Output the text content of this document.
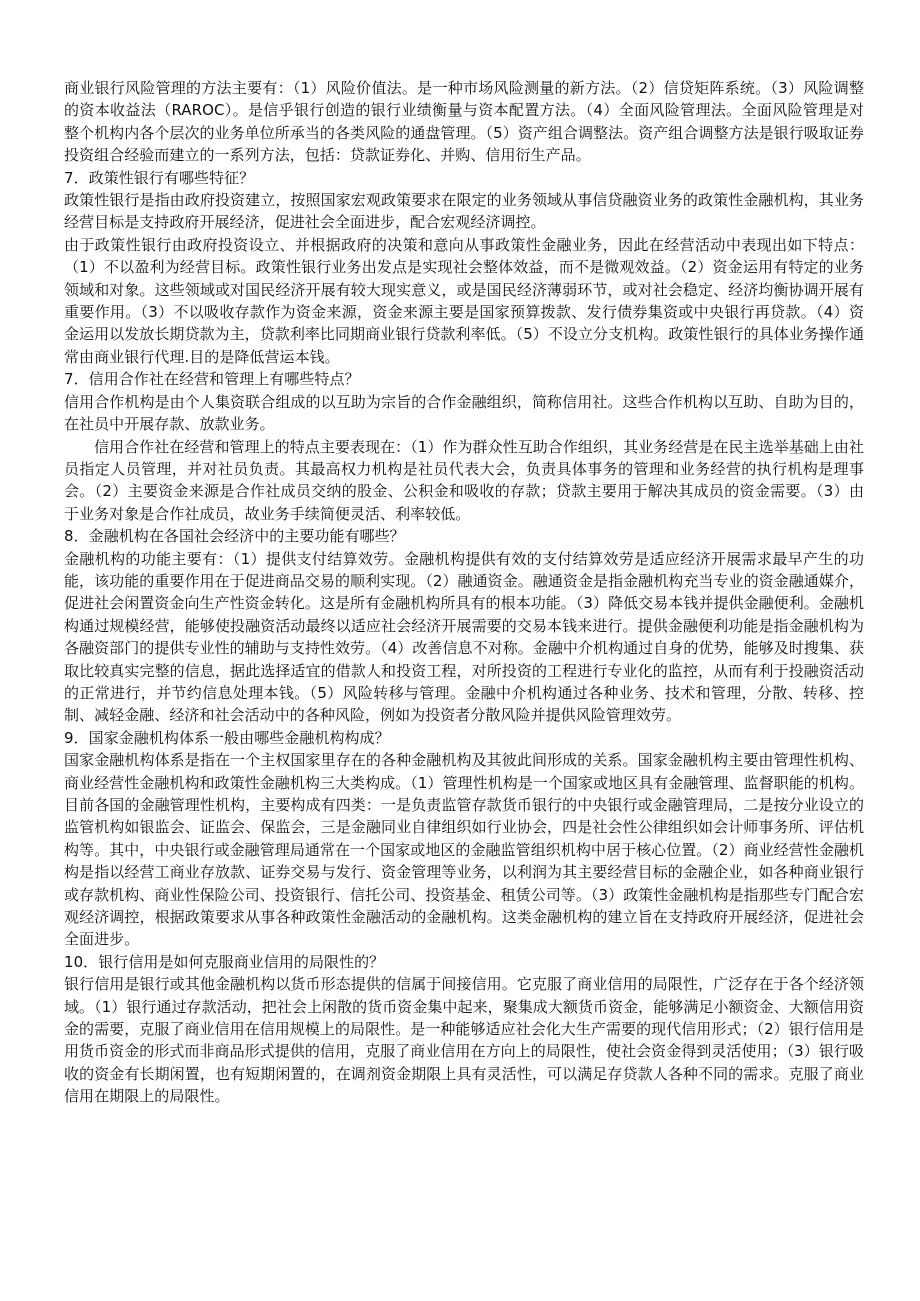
商业银行风险管理的方法主要有：（1）风险价值法。是一种市场风险测量的新方法。（2）信贷矩阵系统。（3）风险调整的资本收益法（RAROC）。是信乎银行创造的银行业绩衡量与资本配置方法。（4）全面风险管理法。全面风险管理是对整个机构内各个层次的业务单位所承当的各类风险的通盘管理。（5）资产组合调整法。资产组合调整方法是银行吸取证券投资组合经验而建立的一系列方法，包括：贷款证券化、并购、信用衍生产品。

7．政策性银行有哪些特征？

政策性银行是指由政府投资建立，按照国家宏观政策要求在限定的业务领域从事信贷融资业务的政策性金融机构，其业务经营目标是支持政府开展经济，促进社会全面进步，配合宏观经济调控。

由于政策性银行由政府投资设立、并根据政府的决策和意向从事政策性金融业务，因此在经营活动中表现出如下特点：（1）不以盈利为经营目标。政策性银行业务出发点是实现社会整体效益，而不是微观效益。（2）资金运用有特定的业务领域和对象。这些领域或对国民经济开展有较大现实意义，或是国民经济薄弱环节，或对社会稳定、经济均衡协调开展有重要作用。（3）不以吸收存款作为资金来源，资金来源主要是国家预算拨款、发行债券集资或中央银行再贷款。（4）资金运用以发放长期贷款为主，贷款利率比同期商业银行贷款利率低。（5）不设立分支机构。政策性银行的具体业务操作通常由商业银行代理.目的是降低营运本钱。

7．信用合作社在经营和管理上有哪些特点？

信用合作机构是由个人集资联合组成的以互助为宗旨的合作金融组织，简称信用社。这些合作机构以互助、自助为目的，在社员中开展存款、放款业务。

信用合作社在经营和管理上的特点主要表现在：（1）作为群众性互助合作组织，其业务经营是在民主选举基础上由社员指定人员管理，并对社员负责。其最高权力机构是社员代表大会，负责具体事务的管理和业务经营的执行机构是理事会。（2）主要资金来源是合作社成员交纳的股金、公积金和吸收的存款；贷款主要用于解决其成员的资金需要。（3）由于业务对象是合作社成员，故业务手续简便灵活、利率较低。

8．金融机构在各国社会经济中的主要功能有哪些？

金融机构的功能主要有：（1）提供支付结算效劳。金融机构提供有效的支付结算效劳是适应经济开展需求最早产生的功能，该功能的重要作用在于促进商品交易的顺利实现。（2）融通资金。融通资金是指金融机构充当专业的资金融通媒介，促进社会闲置资金向生产性资金转化。这是所有金融机构所具有的根本功能。（3）降低交易本钱并提供金融便利。金融机构通过规模经营，能够使投融资活动最终以适应社会经济开展需要的交易本钱来进行。提供金融便利功能是指金融机构为各融资部门的提供专业性的辅助与支持性效劳。（4）改善信息不对称。金融中介机构通过自身的优势，能够及时搜集、获取比较真实完整的信息，据此选择适宜的借款人和投资工程，对所投资的工程进行专业化的监控，从而有利于投融资活动的正常进行，并节约信息处理本钱。（5）风险转移与管理。金融中介机构通过各种业务、技术和管理，分散、转移、控制、减轻金融、经济和社会活动中的各种风险，例如为投资者分散风险并提供风险管理效劳。

9．国家金融机构体系一般由哪些金融机构构成？

国家金融机构体系是指在一个主权国家里存在的各种金融机构及其彼此间形成的关系。国家金融机构主要由管理性机构、商业经营性金融机构和政策性金融机构三大类构成。（1）管理性机构是一个国家或地区具有金融管理、监督职能的机构。目前各国的金融管理性机构，主要构成有四类：一是负责监管存款货币银行的中央银行或金融管理局，二是按分业设立的监管机构如银监会、证监会、保监会，三是金融同业自律组织如行业协会，四是社会性公律组织如会计师事务所、评估机构等。其中，中央银行或金融管理局通常在一个国家或地区的金融监管组织机构中居于核心位置。（2）商业经营性金融机构是指以经营工商业存放款、证券交易与发行、资金管理等业务，以利润为其主要经营目标的金融企业，如各种商业银行或存款机构、商业性保险公司、投资银行、信托公司、投资基金、租赁公司等。（3）政策性金融机构是指那些专门配合宏观经济调控，根据政策要求从事各种政策性金融活动的金融机构。这类金融机构的建立旨在支持政府开展经济，促进社会全面进步。

10．银行信用是如何克服商业信用的局限性的？

银行信用是银行或其他金融机构以货币形态提供的信属于间接信用。它克服了商业信用的局限性，广泛存在于各个经济领域。（1）银行通过存款活动，把社会上闲散的货币资金集中起来，聚集成大额货币资金，能够满足小额资金、大额信用资金的需要，克服了商业信用在信用规模上的局限性。是一种能够适应社会化大生产需要的现代信用形式；（2）银行信用是用货币资金的形式而非商品形式提供的信用，克服了商业信用在方向上的局限性，使社会资金得到灵活使用；（3）银行吸收的资金有长期闲置，也有短期闲置的，在调剂资金期限上具有灵活性，可以满足存贷款人各种不同的需求。克服了商业信用在期限上的局限性。
